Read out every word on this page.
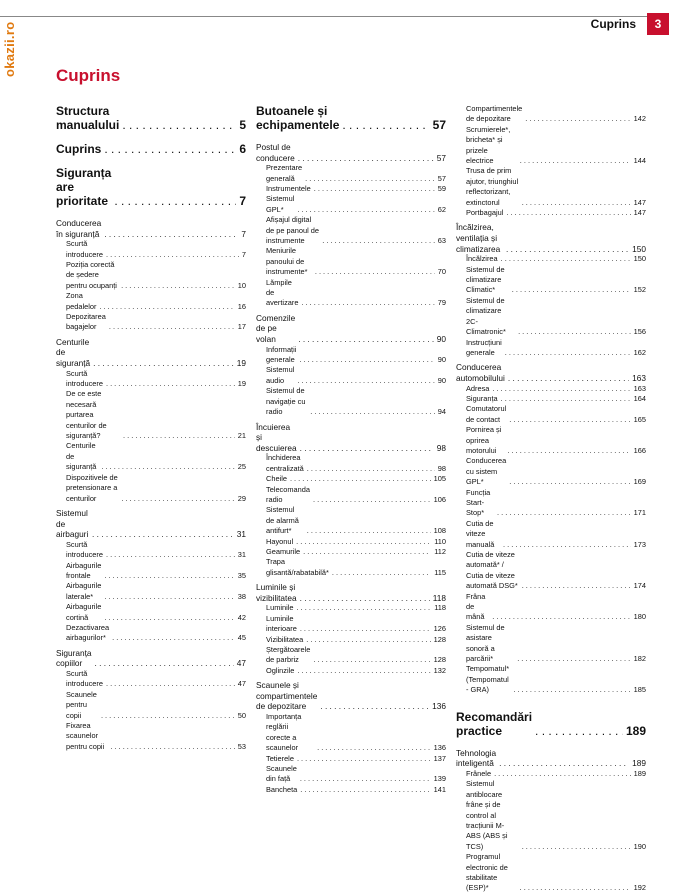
okazii.ro	Cuprins	3
Cuprins
Structura manualului . . .	5
Cuprins . . .	6
Siguranța are prioritate . . .	7
Conducerea în siguranță . . .	7
Scurtă introducere . . .	7
Poziția corectă de ședere pentru ocupanți . . .	10
Zona pedalelor . . .	16
Depozitarea bagajelor . . .	17
Centurile de siguranță . . .	19
Scurtă introducere . . .	19
De ce este necesară purtarea centurilor de siguranță? . . .	21
Centurile de siguranță . . .	25
Dispozitivele de pretensionare a centurilor . . .	29
Sistemul de airbaguri . . .	31
Scurtă introducere . . .	31
Airbagurile frontale . . .	35
Airbagurile laterale* . . .	38
Airbagurile cortină . . .	42
Dezactivarea airbagurilor* . . .	45
Siguranța copiilor . . .	47
Scurtă introducere . . .	47
Scaunele pentru copii . . .	50
Fixarea scaunelor pentru copii . . .	53
Butoanele și echipamentele . . .	57
Postul de conducere . . .	57
Prezentare generală . . .	57
Instrumentele . . .	59
Sistemul GPL* . . .	62
Afișajul digital de pe panoul de instrumente . . .	63
Meniurile panoului de instrumente* . . .	70
Lămpile de avertizare . . .	79
Comenzile de pe volan . . .	90
Informații generale . . .	90
Sistemul audio . . .	90
Sistemul de navigație cu radio . . .	94
Încuierea și descuierea . . .	98
Închiderea centralizată . . .	98
Cheile . . .	105
Telecomanda radio . . .	106
Sistemul de alarmă antifurt* . . .	108
Hayonul . . .	110
Geamurile . . .	112
Trapa glisantă/rabatabilă* . . .	115
Luminile și vizibilitatea . . .	118
Luminile . . .	118
Luminile interioare . . .	126
Vizibilitatea . . .	128
Ștergătoarele de parbriz . . .	128
Oglinzile . . .	132
Scaunele și compartimentele de depozitare . . .	136
Importanța reglării corecte a scaunelor . . .	136
Tetierele . . .	137
Scaunele din față . . .	139
Bancheta . . .	141
Compartimentele de depozitare . . .	142
Scrumierele*, bricheta* și prizele electrice . . .	144
Trusa de prim ajutor, triunghiul reflectorizant, extinctorul . . .	147
Portbagajul . . .	147
Încălzirea, ventilația și climatizarea . . .	150
Încălzirea . . .	150
Sistemul de climatizare Climatic* . . .	152
Sistemul de climatizare 2C-Climatronic* . . .	156
Instrucțiuni generale . . .	162
Conducerea automobilului . . .	163
Adresa . . .	163
Siguranța . . .	164
Comutatorul de contact . . .	165
Pornirea și oprirea motorului . . .	166
Conducerea cu sistem GPL* . . .	169
Funcția Start-Stop* . . .	171
Cutia de viteze manuală . . .	173
Cutia de viteze automată* / Cutia de viteze automată DSG* . . .	174
Frâna de mână . . .	180
Sistemul de asistare sonoră a parcării* . . .	182
Tempomatul* (Tempomatul - GRA) . . .	185
Recomandări practice . . .	189
Tehnologia inteligentă . . .	189
Frânele . . .	189
Sistemul antiblocare frâne și de control al tracțiunii M-ABS (ABS și TCS) . . .	190
Programul electronic de stabilitate (ESP)* . . .	192
